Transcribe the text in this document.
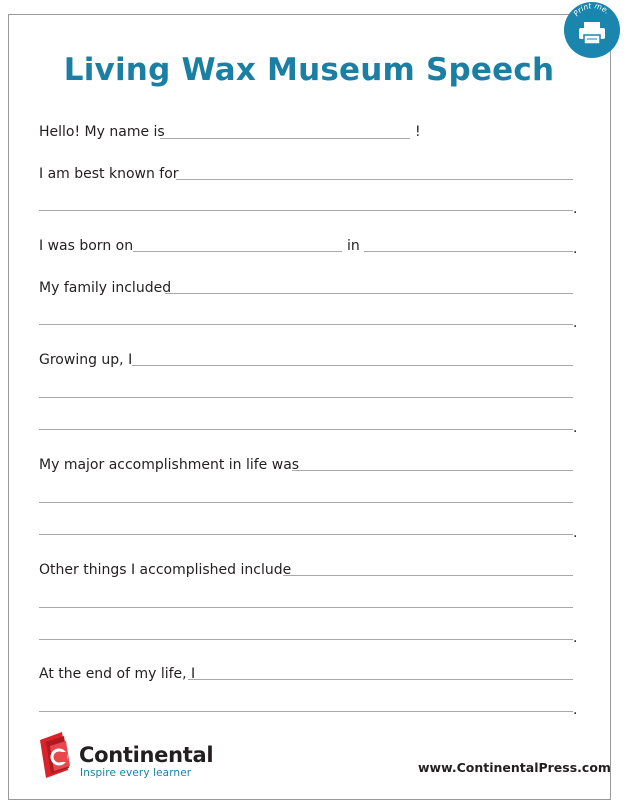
Print me.
Living Wax Museum Speech
Hello! My name is	!
I am best known for
.
I was born on	in	.
My family included
.
Growing up, I
.
My major accomplishment in life was
.
Other things I accomplished include
.
At the end of my life, I
.
Continental
Inspire every learner	www.ContinentalPress.com
